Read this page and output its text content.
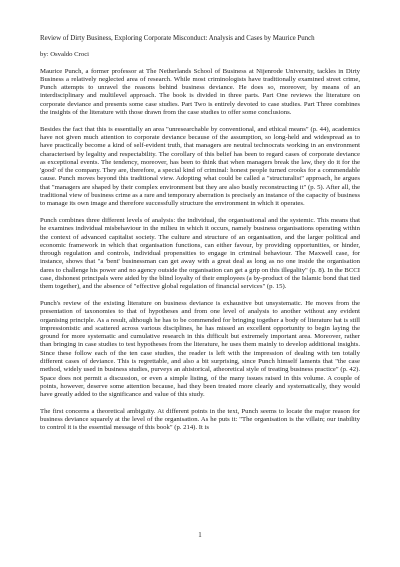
Review of Dirty Business, Exploring Corporate Misconduct: Analysis and Cases by Maurice Punch
by: Osvaldo Croci

Maurice Punch, a former professor at The Netherlands School of Business at Nijenrode University, tackles in Dirty Business a relatively neglected area of research. While most criminologists have traditionally examined street crime, Punch attempts to unravel the reasons behind business deviance. He does so, moreover, by means of an interdisciplinary and multilevel approach. The book is divided in three parts. Part One reviews the literature on corporate deviance and presents some case studies. Part Two is entirely devoted to case studies. Part Three combines the insights of the literature with those drawn from the case studies to offer some conclusions.

Besides the fact that this is essentially an area "unresearchable by conventional, and ethical means" (p. 44), academics have not given much attention to corporate deviance because of the assumption, so long-held and widespread as to have practically become a kind of self-evident truth, that managers are neutral technocrats working in an environment characterised by legality and respectability. The corollary of this belief has been to regard cases of corporate deviance as exceptional events. The tendency, moreover, has been to think that when managers break the law, they do it for the 'good' of the company. They are, therefore, a special kind of criminal: honest people turned crooks for a commendable cause. Punch moves beyond this traditional view. Adopting what could be called a "structuralist" approach, he argues that "managers are shaped by their complex environment but they are also busily reconstructing it" (p. 5). After all, the traditional view of business crime as a rare and temporary aberration is precisely an instance of the capacity of business to manage its own image and therefore successfully structure the environment in which it operates.

Punch combines three different levels of analysis: the individual, the organisational and the systemic. This means that he examines individual misbehaviour in the milieu in which it occurs, namely business organisations operating within the context of advanced capitalist society. The culture and structure of an organisation, and the larger political and economic framework in which that organisation functions, can either favour, by providing opportunities, or hinder, through regulation and controls, individual propensities to engage in criminal behaviour. The Maxwell case, for instance, shows that "a 'bent' businessman can get away with a great deal as long as no one inside the organisation dares to challenge his power and no agency outside the organisation can get a grip on this illegality" (p. 8). In the BCCI case, dishonest principals were aided by the blind loyalty of their employees (a by-product of the Islamic bond that tied them together), and the absence of "effective global regulation of financial services" (p. 15).

Punch's review of the existing literature on business deviance is exhaustive but unsystematic. He moves from the presentation of taxonomies to that of hypotheses and from one level of analysis to another without any evident organising principle. As a result, although he has to be commended for bringing together a body of literature hat is still impressionistic and scattered across various disciplines, he has missed an excellent opportunity to begin laying the ground for more systematic and cumulative research in this difficult but extremely important area. Moreover, rather than bringing in case studies to test hypotheses from the literature, he uses them mainly to develop additional insights. Since these follow each of the ten case studies, the reader is left with the impression of dealing with ten totally different cases of deviance. This is regrettable, and also a bit surprising, since Punch himself laments that "the case method, widely used in business studies, purveys an ahistorical, atheoretical style of treating business practice" (p. 42). Space does not permit a discussion, or even a simple listing, of the many issues raised in this volume. A couple of points, however, deserve some attention because, had they been treated more clearly and systematically, they would have greatly added to the significance and value of this study.

The first concerns a theoretical ambiguity. At different points in the text, Punch seems to locate the major reason for business deviance squarely at the level of the organisation. As he puts it: "The organisation is the villain; our inability to control it is the essential message of this book" (p. 214). It is

1
